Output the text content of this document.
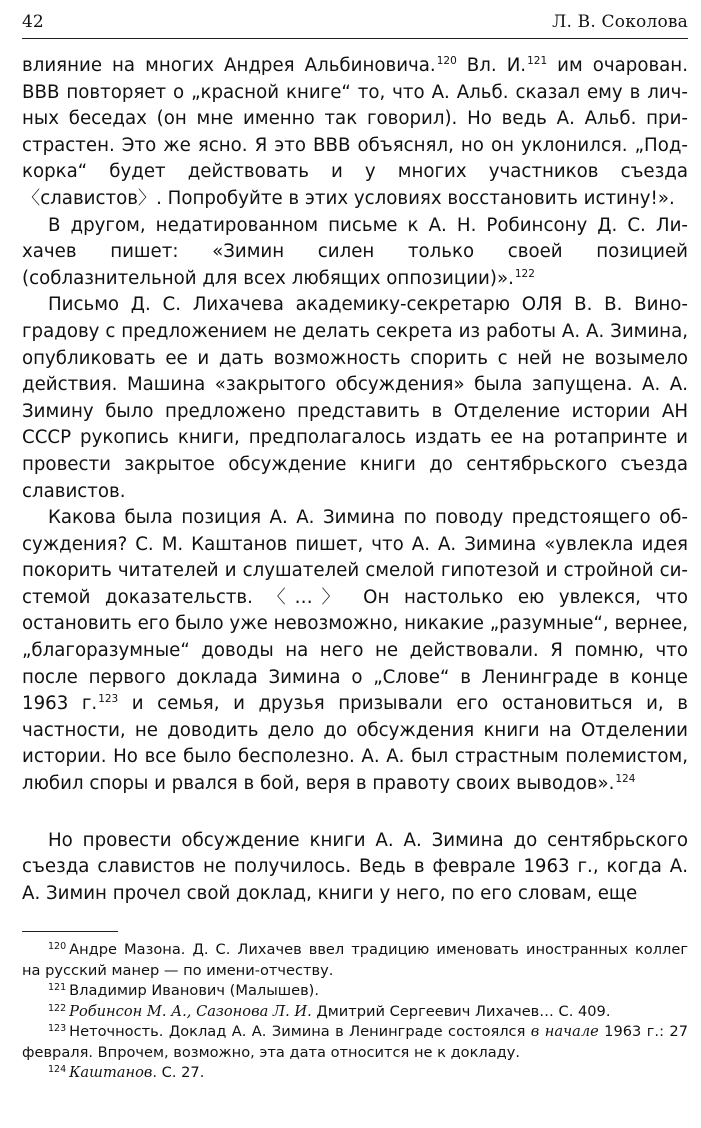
42	Л. В. Соколова

влияние на многих Андрея Альбиновича.$^{120}$ Вл. И.$^{121}$ им очарован. ВВВ повторяет о „красной книге“ то, что А. Альб. сказал ему в личных беседах (он мне именно так говорил). Но ведь А. Альб. пристрастен. Это же ясно. Я это ВВВ объяснял, но он уклонился. „Подкорка“ будет действовать и у многих участников съезда 〈славистов〉. Попробуйте в этих условиях восстановить истину!».

В другом, недатированном письме к А. Н. Робинсону Д. С. Лихачев пишет: «Зимин силен только своей позицией (соблазнительной для всех любящих оппозиции)».$^{122}$

Письмо Д. С. Лихачева академику-секретарю ОЛЯ В. В. Виноградову с предложением не делать секрета из работы А. А. Зимина, опубликовать ее и дать возможность спорить с ней не возымело действия. Машина «закрытого обсуждения» была запущена. А. А. Зимину было предложено представить в Отделение истории АН СССР рукопись книги, предполагалось издать ее на ротапринте и провести закрытое обсуждение книги до сентябрьского съезда славистов.

Какова была позиция А. А. Зимина по поводу предстоящего обсуждения? С. М. Каштанов пишет, что А. А. Зимина «увлекла идея покорить читателей и слушателей смелой гипотезой и стройной системой доказательств. 〈…〉 Он настолько ею увлекся, что остановить его было уже невозможно, никакие „разумные“, вернее, „благоразумные“ доводы на него не действовали. Я помню, что после первого доклада Зимина о „Слове“ в Ленинграде в конце 1963 г.$^{123}$ и семья, и друзья призывали его остановиться и, в частности, не доводить дело до обсуждения книги на Отделении истории. Но все было бесполезно. А. А. был страстным полемистом, любил споры и рвался в бой, веря в правоту своих выводов».$^{124}$

Но провести обсуждение книги А. А. Зимина до сентябрьского съезда славистов не получилось. Ведь в феврале 1963 г., когда А. А. Зимин прочел свой доклад, книги у него, по его словам, еще

$^{120}$ Андре Мазона. Д. С. Лихачев ввел традицию именовать иностранных коллег на русский манер — по имени-отчеству.

$^{121}$ Владимир Иванович (Малышев).

$^{122}$ Робинсон М. А., Сазонова Л. И. Дмитрий Сергеевич Лихачев… С. 409.

$^{123}$ Неточность. Доклад А. А. Зимина в Ленинграде состоялся в начале 1963 г.: 27 февраля. Впрочем, возможно, эта дата относится не к докладу.

$^{124}$ Каштанов. С. 27.
